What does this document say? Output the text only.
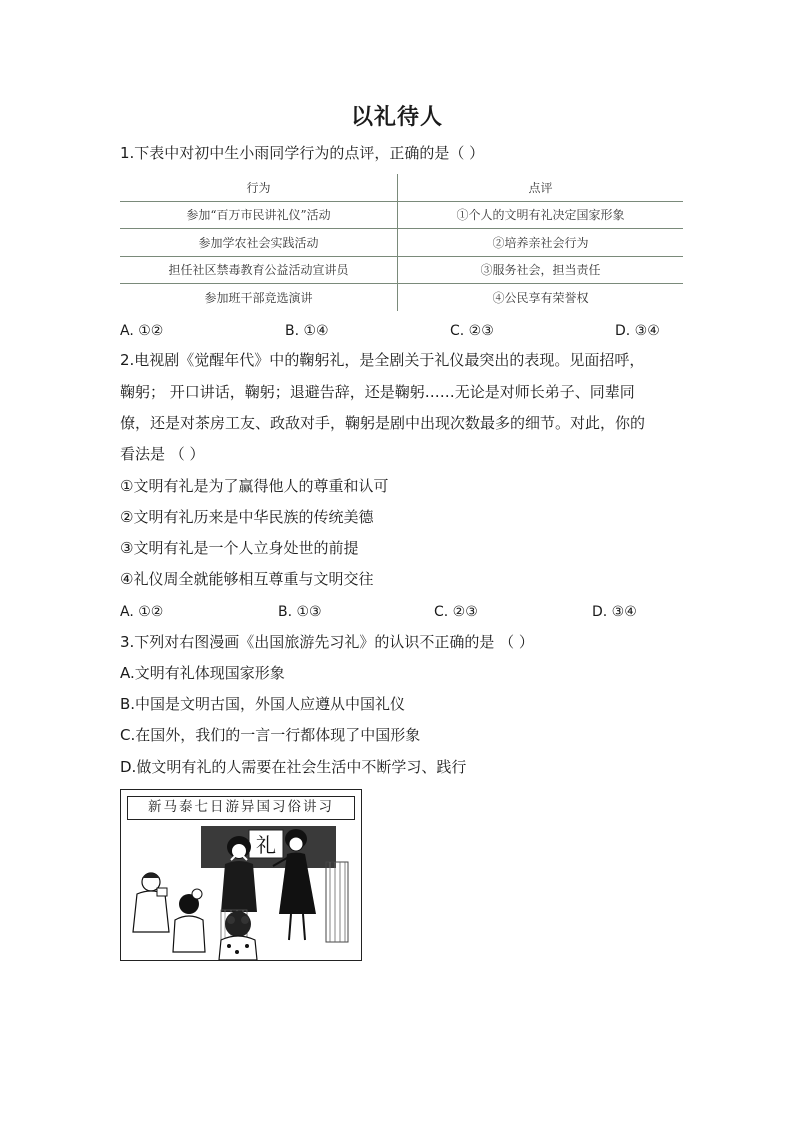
以礼待人
1.下表中对初中生小雨同学行为的点评，正确的是（ ）
行为	点评
参加“百万市民讲礼仪”活动	①个人的文明有礼决定国家形象
参加学农社会实践活动	②培养亲社会行为
担任社区禁毒教育公益活动宣讲员	③服务社会，担当责任
参加班干部竞选演讲	④公民享有荣誉权
A. ①②	B. ①④	C. ②③	D. ③④
2.电视剧《觉醒年代》中的鞠躬礼，是全剧关于礼仪最突出的表现。见面招呼，
鞠躬； 开口讲话，鞠躬；退避告辞，还是鞠躬……无论是对师长弟子、同辈同
僚，还是对茶房工友、政敌对手，鞠躬是剧中出现次数最多的细节。对此，你的
看法是 （ ）
①文明有礼是为了赢得他人的尊重和认可
②文明有礼历来是中华民族的传统美德
③文明有礼是一个人立身处世的前提
④礼仪周全就能够相互尊重与文明交往
A. ①②	B. ①③	C. ②③	D. ③④
3.下列对右图漫画《出国旅游先习礼》的认识不正确的是 （ ）
A.文明有礼体现国家形象
B.中国是文明古国，外国人应遵从中国礼仪
C.在国外，我们的一言一行都体现了中国形象
D.做文明有礼的人需要在社会生活中不断学习、践行
新马泰七日游异国习俗讲习
礼
